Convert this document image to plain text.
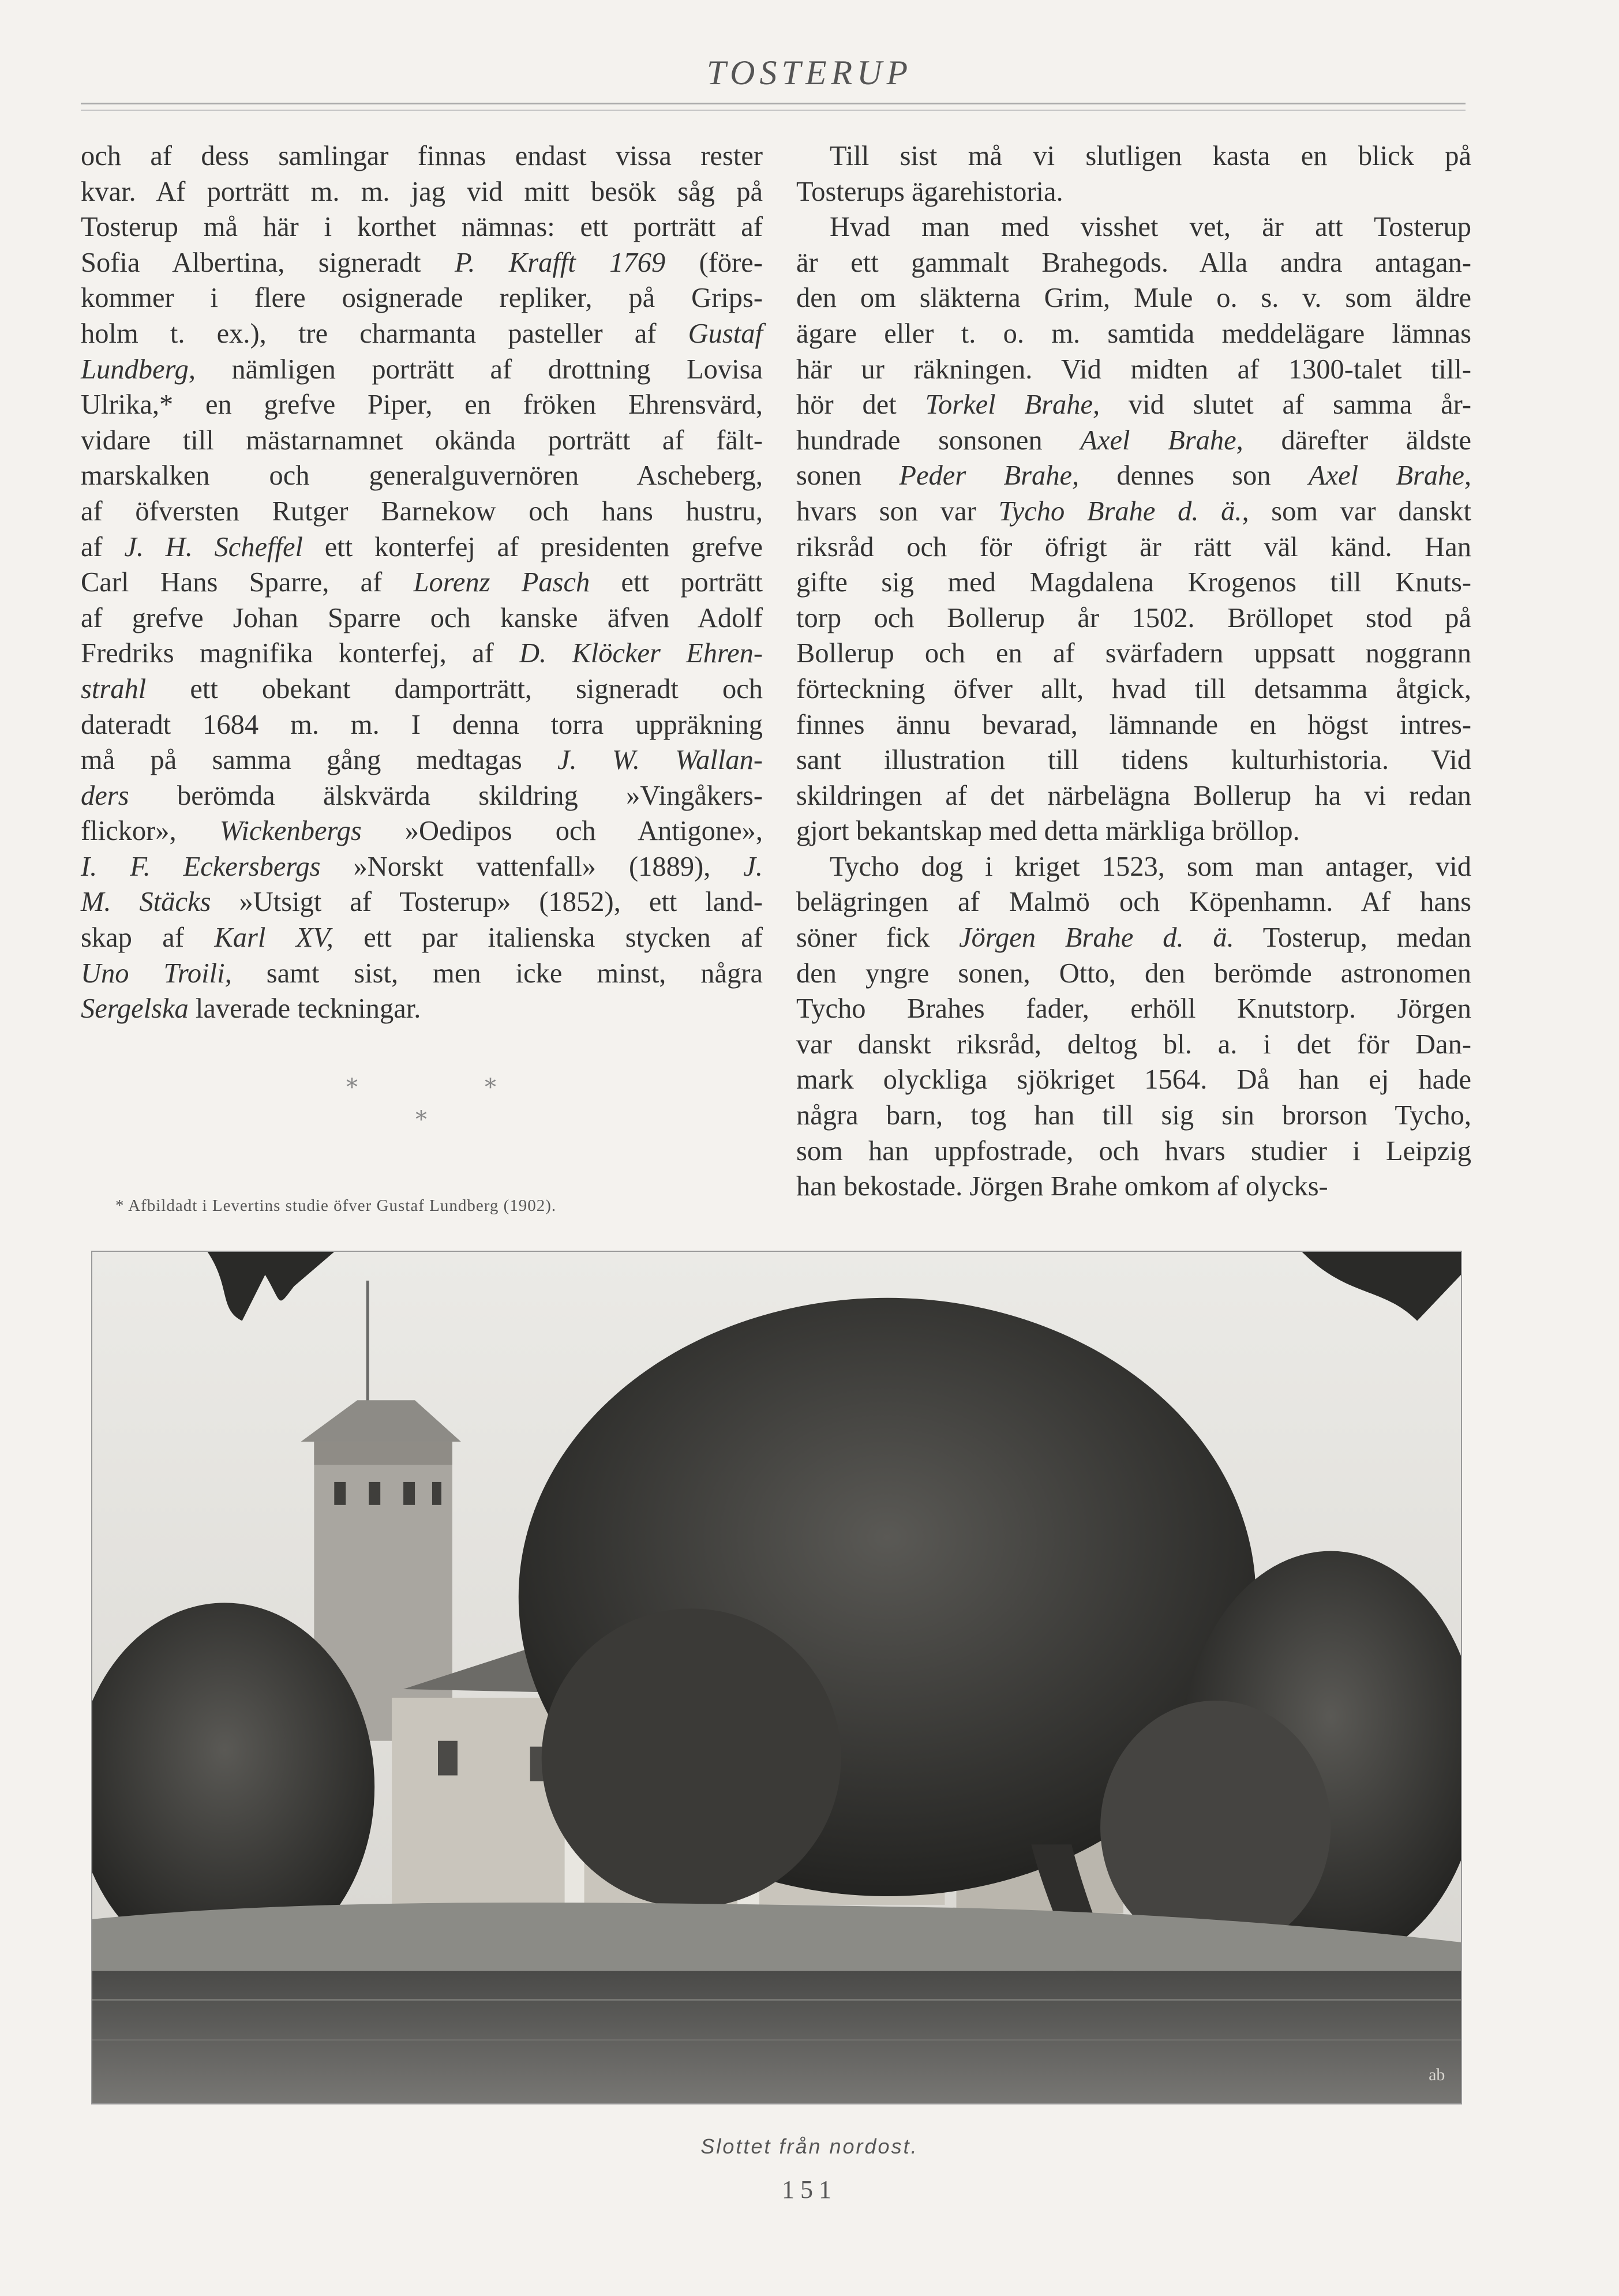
TOSTERUP

och af dess samlingar finnas endast vissa rester
kvar. Af porträtt m. m. jag vid mitt besök såg på
Tosterup må här i korthet nämnas: ett porträtt af
Sofia Albertina, signeradt P. Krafft 1769 (före-
kommer i flere osignerade repliker, på Grips-
holm t. ex.), tre charmanta pasteller af Gustaf
Lundberg, nämligen porträtt af drottning Lovisa
Ulrika,* en grefve Piper, en fröken Ehrensvärd,
vidare till mästarnamnet okända porträtt af fält-
marskalken och generalguvernören Ascheberg,
af öfversten Rutger Barnekow och hans hustru,
af J. H. Scheffel ett konterfej af presidenten grefve
Carl Hans Sparre, af Lorenz Pasch ett porträtt
af grefve Johan Sparre och kanske äfven Adolf
Fredriks magnifika konterfej, af D. Klöcker Ehren-
strahl ett obekant damporträtt, signeradt och
dateradt 1684 m. m. I denna torra uppräkning
må på samma gång medtagas J. W. Wallan-
ders berömda älskvärda skildring »Vingåkers-
flickor», Wickenbergs »Oedipos och Antigone»,
I. F. Eckersbergs »Norskt vattenfall» (1889), J.
M. Stäcks »Utsigt af Tosterup» (1852), ett land-
skap af Karl XV, ett par italienska stycken af
Uno Troili, samt sist, men icke minst, några
Sergelska laverade teckningar.

*	*
*
* Afbildadt i Levertins studie öfver Gustaf Lundberg (1902).

Till sist må vi slutligen kasta en blick på
Tosterups ägarehistoria.

Hvad man med visshet vet, är att Tosterup
är ett gammalt Brahegods. Alla andra antagan-
den om släkterna Grim, Mule o. s. v. som äldre
ägare eller t. o. m. samtida meddelägare lämnas
här ur räkningen. Vid midten af 1300-talet till-
hör det Torkel Brahe, vid slutet af samma år-
hundrade sonsonen Axel Brahe, därefter äldste
sonen Peder Brahe, dennes son Axel Brahe,
hvars son var Tycho Brahe d. ä., som var danskt
riksråd och för öfrigt är rätt väl känd. Han
gifte sig med Magdalena Krogenos till Knuts-
torp och Bollerup år 1502. Bröllopet stod på
Bollerup och en af svärfadern uppsatt noggrann
förteckning öfver allt, hvad till detsamma åtgick,
finnes ännu bevarad, lämnande en högst intres-
sant illustration till tidens kulturhistoria. Vid
skildringen af det närbelägna Bollerup ha vi redan
gjort bekantskap med detta märkliga bröllop.

Tycho dog i kriget 1523, som man antager, vid
belägringen af Malmö och Köpenhamn. Af hans
söner fick Jörgen Brahe d. ä. Tosterup, medan
den yngre sonen, Otto, den berömde astronomen
Tycho Brahes fader, erhöll Knutstorp. Jörgen
var danskt riksråd, deltog bl. a. i det för Dan-
mark olyckliga sjökriget 1564. Då han ej hade
några barn, tog han till sig sin brorson Tycho,
som han uppfostrade, och hvars studier i Leipzig
han bekostade. Jörgen Brahe omkom af olycks-

ab
Slottet från nordost.
151
